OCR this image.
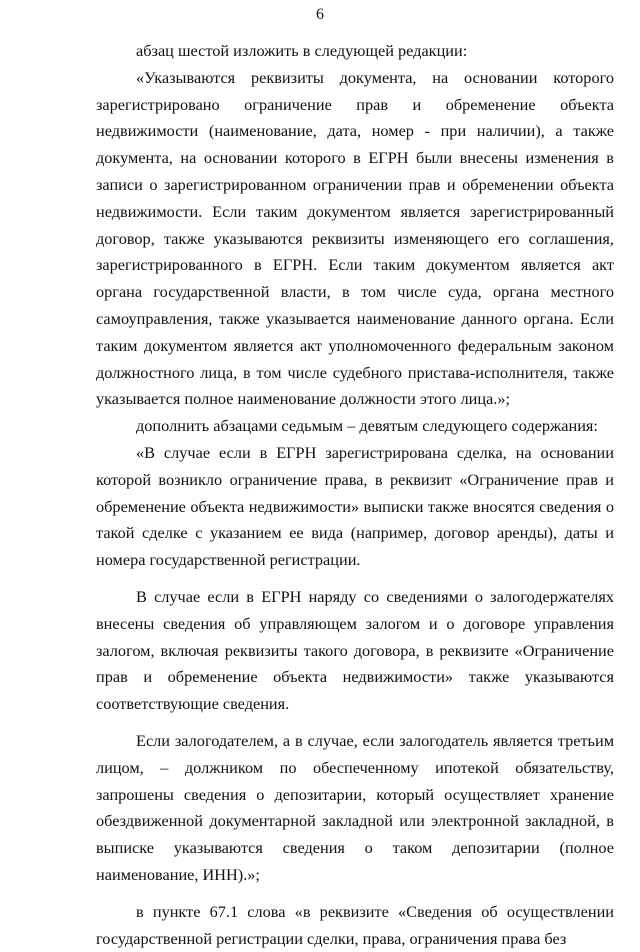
6

абзац шестой изложить в следующей редакции:

«Указываются реквизиты документа, на основании которого зарегистрировано ограничение прав и обременение объекта недвижимости (наименование, дата, номер - при наличии), а также документа, на основании которого в ЕГРН были внесены изменения в записи о зарегистрированном ограничении прав и обременении объекта недвижимости. Если таким документом является зарегистрированный договор, также указываются реквизиты изменяющего его соглашения, зарегистрированного в ЕГРН. Если таким документом является акт органа государственной власти, в том числе суда, органа местного самоуправления, также указывается наименование данного органа. Если таким документом является акт уполномоченного федеральным законом должностного лица, в том числе судебного пристава-исполнителя, также указывается полное наименование должности этого лица.»;

дополнить абзацами седьмым – девятым следующего содержания:

«В случае если в ЕГРН зарегистрирована сделка, на основании которой возникло ограничение права, в реквизит «Ограничение прав и обременение объекта недвижимости» выписки также вносятся сведения о такой сделке с указанием ее вида (например, договор аренды), даты и номера государственной регистрации.

В случае если в ЕГРН наряду со сведениями о залогодержателях внесены сведения об управляющем залогом и о договоре управления залогом, включая реквизиты такого договора, в реквизите «Ограничение прав и обременение объекта недвижимости» также указываются соответствующие сведения.

Если залогодателем, а в случае, если залогодатель является третьим лицом, – должником по обеспеченному ипотекой обязательству, запрошены сведения о депозитарии, который осуществляет хранение обездвиженной документарной закладной или электронной закладной, в выписке указываются сведения о таком депозитарии (полное наименование, ИНН).»;

в пункте 67.1 слова «в реквизите «Сведения об осуществлении государственной регистрации сделки, права, ограничения права без
